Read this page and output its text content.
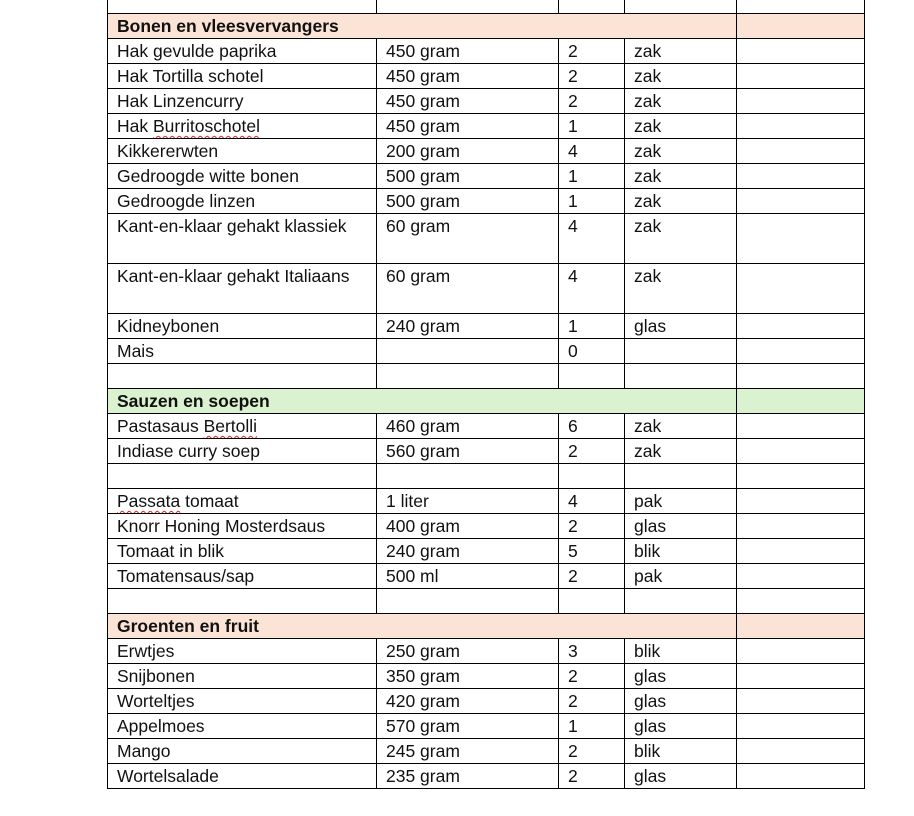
Bonen en vleesvervangers				
Hak gevulde paprika	450 gram	2	zak	
Hak Tortilla schotel	450 gram	2	zak	
Hak Linzencurry	450 gram	2	zak	
Hak Burritoschotel	450 gram	1	zak	
Kikkererwten	200 gram	4	zak	
Gedroogde witte bonen	500 gram	1	zak	
Gedroogde linzen	500 gram	1	zak	
Kant-en-klaar gehakt klassiek	60 gram	4	zak	
Kant-en-klaar gehakt Italiaans	60 gram	4	zak	
Kidneybonen	240 gram	1	glas	
Mais		0		

Sauzen en soepen				
Pastasaus Bertolli	460 gram	6	zak	
Indiase curry soep	560 gram	2	zak	

Passata tomaat	1 liter	4	pak	
Knorr Honing Mosterdsaus	400 gram	2	glas	
Tomaat in blik	240 gram	5	blik	
Tomatensaus/sap	500 ml	2	pak	

Groenten en fruit				
Erwtjes	250 gram	3	blik	
Snijbonen	350 gram	2	glas	
Worteltjes	420 gram	2	glas	
Appelmoes	570 gram	1	glas	
Mango	245 gram	2	blik	
Wortelsalade	235 gram	2	glas	
